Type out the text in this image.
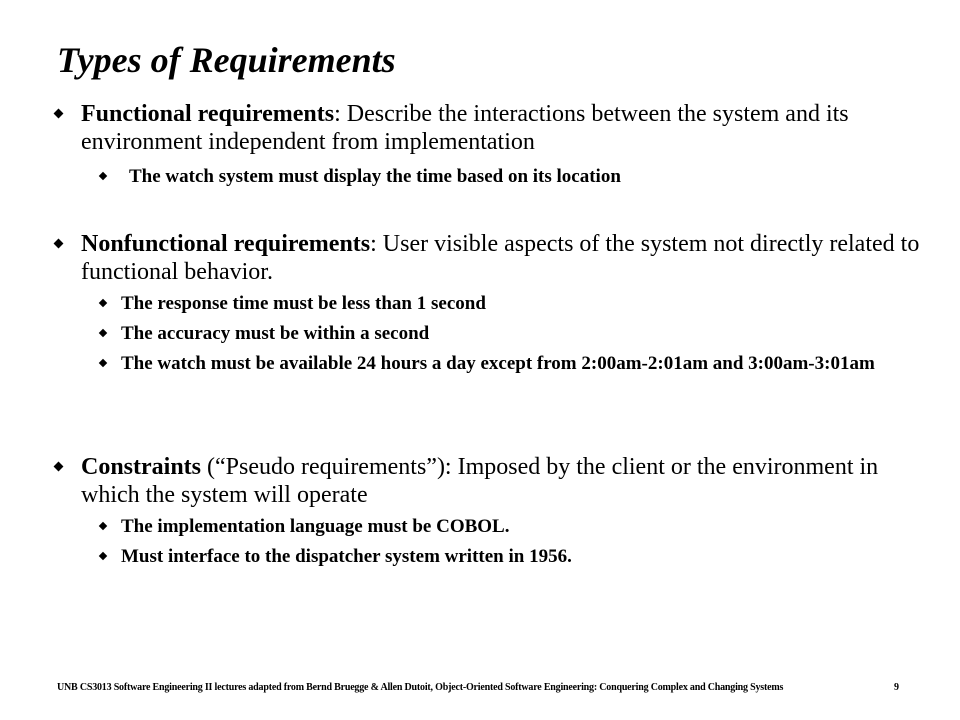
Types of Requirements
Functional requirements: Describe the interactions between the system and its environment independent from implementation
The watch system must display the time based on its location
Nonfunctional requirements: User visible aspects of the system not directly related to functional behavior.
The response time must be less than 1 second
The accuracy must be within a second
The watch must be available 24 hours a day except from 2:00am-2:01am and 3:00am-3:01am
Constraints (“Pseudo requirements”): Imposed by the client or the environment in which the system will operate
The implementation language must be COBOL.
Must interface to the dispatcher system written in 1956.
UNB CS3013 Software Engineering II lectures adapted from Bernd Bruegge & Allen Dutoit, Object-Oriented Software Engineering: Conquering Complex and Changing Systems	9
